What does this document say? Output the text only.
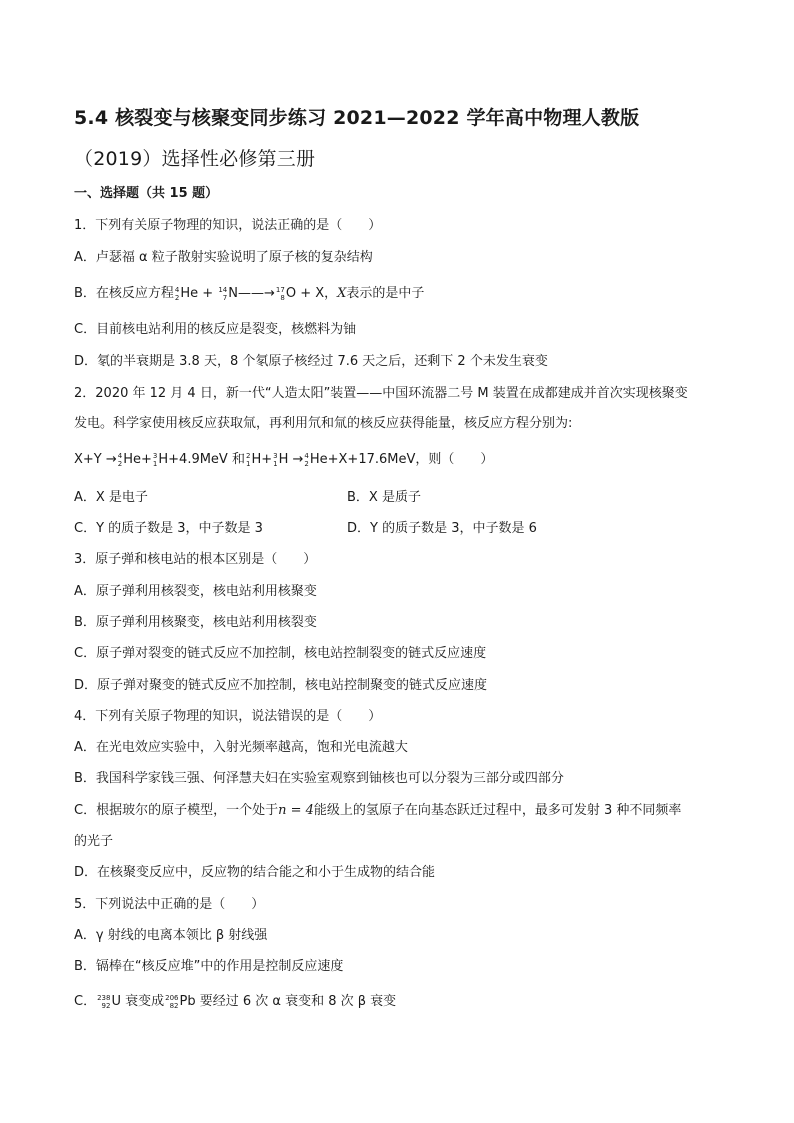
5.4 核裂变与核聚变同步练习 2021—2022 学年高中物理人教版
（2019）选择性必修第三册
一、选择题（共 15 题）
1．下列有关原子物理的知识，说法正确的是（　　）
A．卢瑟福 α 粒子散射实验说明了原子核的复杂结构
B．在核反应方程 4
2 He + 14
7 N——→ 17
8 O + X，X表示的是中子
C．目前核电站利用的核反应是裂变，核燃料为铀
D．氡的半衰期是 3.8 天，8 个氡原子核经过 7.6 天之后，还剩下 2 个未发生衰变
2．2020 年 12 月 4 日，新一代“人造太阳”装置——中国环流器二号 M 装置在成都建成并首次实现核聚变
发电。科学家使用核反应获取氚，再利用氘和氚的核反应获得能量，核反应方程分别为:
X+Y → 4
2 He+ 3
1 H+4.9MeV 和 2
1 H+ 3
1 H → 4
2 He+X+17.6MeV，则（　　）
A．X 是电子	B．X 是质子
C．Y 的质子数是 3，中子数是 3	D．Y 的质子数是 3，中子数是 6
3．原子弹和核电站的根本区别是（　　）
A．原子弹利用核裂变，核电站利用核聚变
B．原子弹利用核聚变，核电站利用核裂变
C．原子弹对裂变的链式反应不加控制，核电站控制裂变的链式反应速度
D．原子弹对聚变的链式反应不加控制，核电站控制聚变的链式反应速度
4．下列有关原子物理的知识，说法错误的是（　　）
A．在光电效应实验中，入射光频率越高，饱和光电流越大
B．我国科学家钱三强、何泽慧夫妇在实验室观察到铀核也可以分裂为三部分或四部分
C．根据玻尔的原子模型，一个处于n = 4能级上的氢原子在向基态跃迁过程中，最多可发射 3 种不同频率
的光子
D．在核聚变反应中，反应物的结合能之和小于生成物的结合能
5．下列说法中正确的是（　　）
A．γ 射线的电离本领比 β 射线强
B．镉棒在“核反应堆”中的作用是控制反应速度
C． 238
92 U 衰变成 206
82 Pb 要经过 6 次 α 衰变和 8 次 β 衰变
